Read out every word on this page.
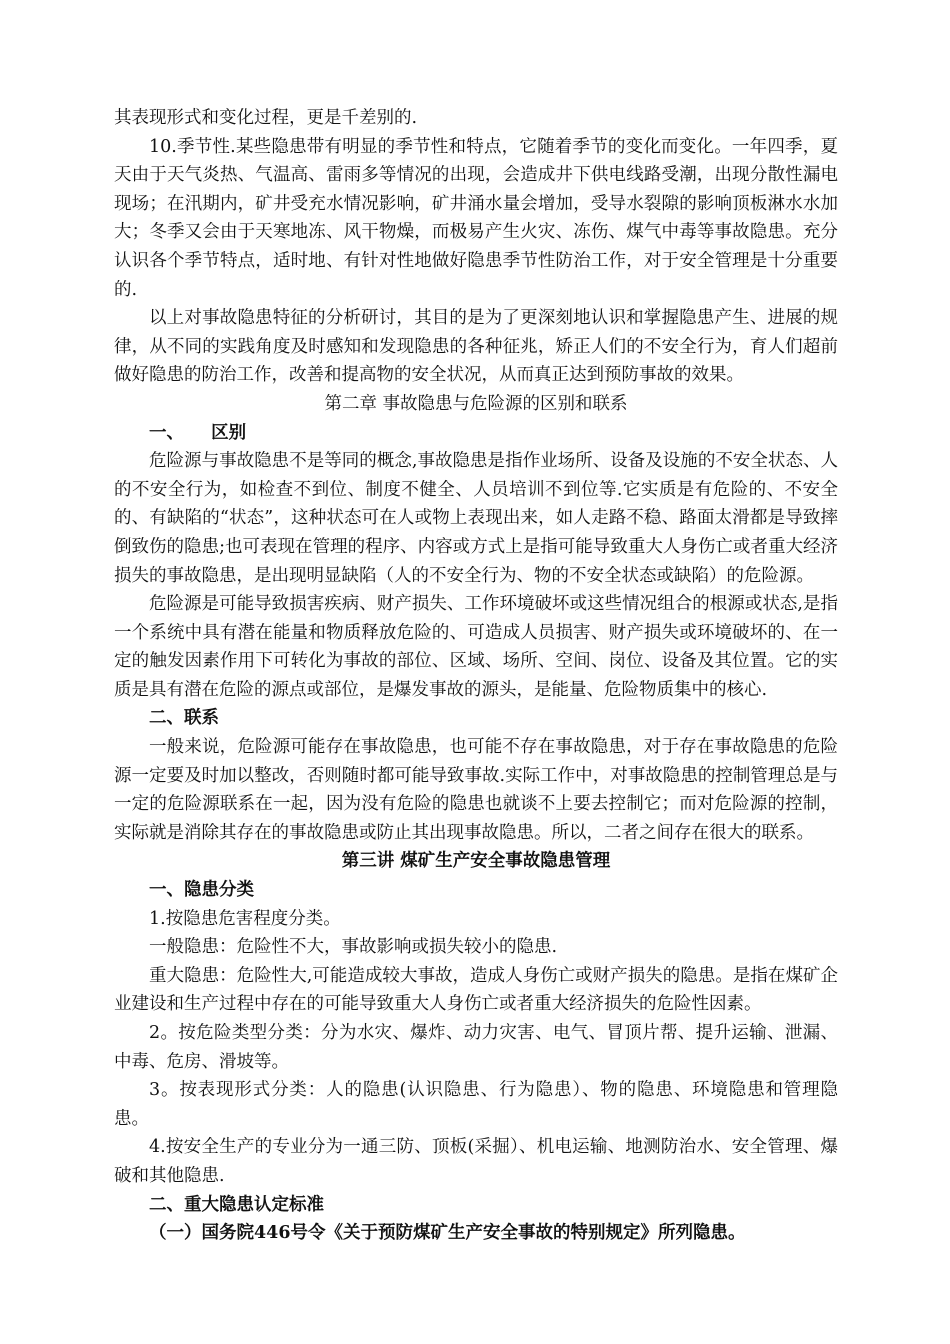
其表现形式和变化过程，更是千差别的.

10.季节性.某些隐患带有明显的季节性和特点，它随着季节的变化而变化。一年四季，夏天由于天气炎热、气温高、雷雨多等情况的出现，会造成井下供电线路受潮，出现分散性漏电现场；在汛期内，矿井受充水情况影响，矿井涌水量会增加，受导水裂隙的影响顶板淋水水加大；冬季又会由于天寒地冻、风干物燥，而极易产生火灾、冻伤、煤气中毒等事故隐患。充分认识各个季节特点，适时地、有针对性地做好隐患季节性防治工作，对于安全管理是十分重要的.

以上对事故隐患特征的分析研讨，其目的是为了更深刻地认识和掌握隐患产生、进展的规律，从不同的实践角度及时感知和发现隐患的各种征兆，矫正人们的不安全行为，育人们超前做好隐患的防治工作，改善和提高物的安全状况，从而真正达到预防事故的效果。

第二章 事故隐患与危险源的区别和联系

一、 区别

危险源与事故隐患不是等同的概念,事故隐患是指作业场所、设备及设施的不安全状态、人的不安全行为，如检查不到位、制度不健全、人员培训不到位等.它实质是有危险的、不安全的、有缺陷的“状态”，这种状态可在人或物上表现出来，如人走路不稳、路面太滑都是导致摔倒致伤的隐患;也可表现在管理的程序、内容或方式上是指可能导致重大人身伤亡或者重大经济损失的事故隐患，是出现明显缺陷（人的不安全行为、物的不安全状态或缺陷）的危险源。

危险源是可能导致损害疾病、财产损失、工作环境破坏或这些情况组合的根源或状态,是指一个系统中具有潜在能量和物质释放危险的、可造成人员损害、财产损失或环境破坏的、在一定的触发因素作用下可转化为事故的部位、区域、场所、空间、岗位、设备及其位置。它的实质是具有潜在危险的源点或部位，是爆发事故的源头，是能量、危险物质集中的核心.

二、联系

一般来说，危险源可能存在事故隐患，也可能不存在事故隐患，对于存在事故隐患的危险源一定要及时加以整改，否则随时都可能导致事故.实际工作中，对事故隐患的控制管理总是与一定的危险源联系在一起，因为没有危险的隐患也就谈不上要去控制它；而对危险源的控制，实际就是消除其存在的事故隐患或防止其出现事故隐患。所以，二者之间存在很大的联系。

第三讲 煤矿生产安全事故隐患管理

一、隐患分类

1.按隐患危害程度分类。

一般隐患：危险性不大，事故影响或损失较小的隐患.

重大隐患：危险性大,可能造成较大事故，造成人身伤亡或财产损失的隐患。是指在煤矿企业建设和生产过程中存在的可能导致重大人身伤亡或者重大经济损失的危险性因素。

2。按危险类型分类：分为水灾、爆炸、动力灾害、电气、冒顶片帮、提升运输、泄漏、中毒、危房、滑坡等。

3。按表现形式分类：人的隐患(认识隐患、行为隐患）、物的隐患、环境隐患和管理隐患。

4.按安全生产的专业分为一通三防、顶板(采掘）、机电运输、地测防治水、安全管理、爆破和其他隐患.

二、重大隐患认定标准

（一）国务院446号令《关于预防煤矿生产安全事故的特别规定》所列隐患。
